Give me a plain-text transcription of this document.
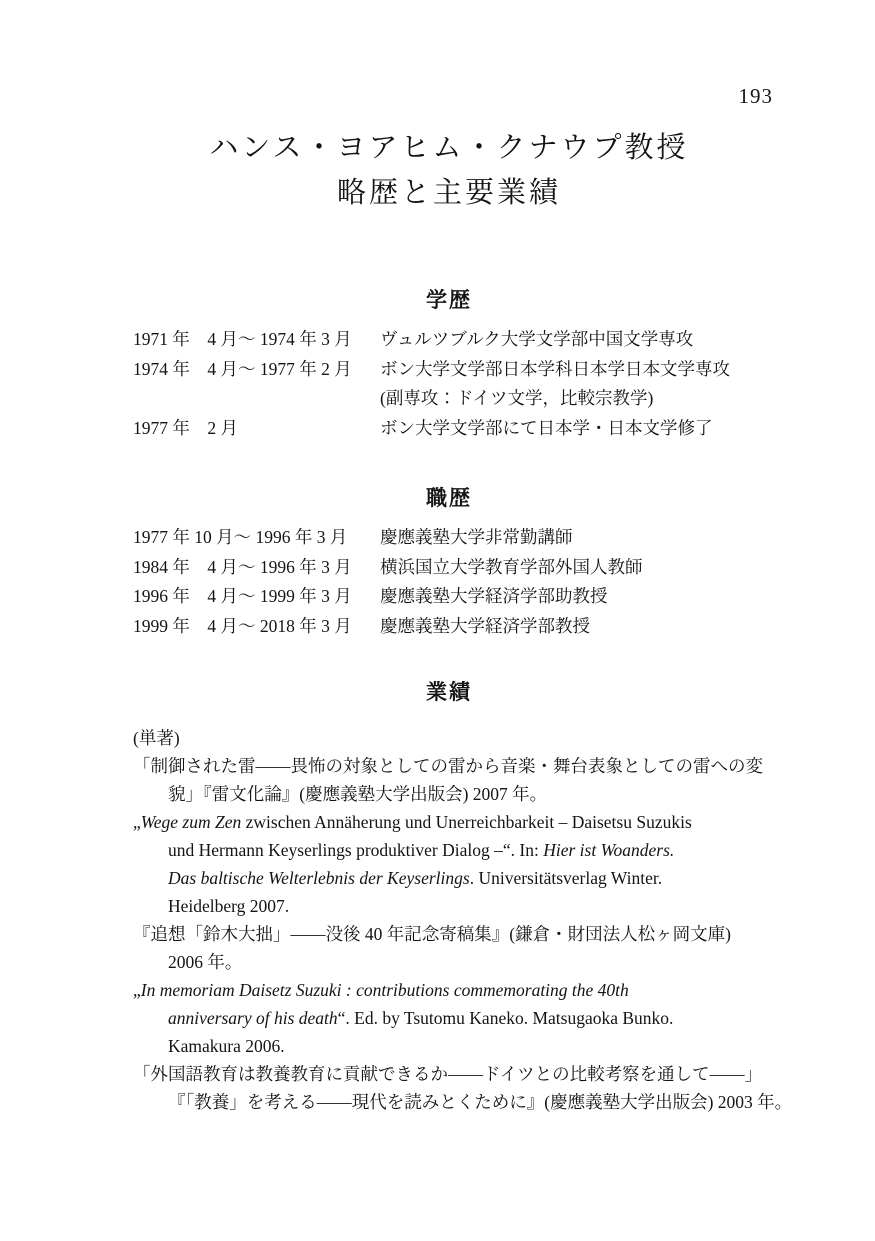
193
ハンス・ヨアヒム・クナウプ教授
略歴と主要業績
学歴
1971 年　4 月～ 1974 年 3 月	ヴュルツブルク大学文学部中国文学専攻
1974 年　4 月～ 1977 年 2 月	ボン大学文学部日本学科日本学日本文学専攻
(副専攻：ドイツ文学，比較宗教学)
1977 年　2 月	ボン大学文学部にて日本学・日本文学修了
職歴
1977 年 10 月～ 1996 年 3 月	慶應義塾大学非常勤講師
1984 年　4 月～ 1996 年 3 月	横浜国立大学教育学部外国人教師
1996 年　4 月～ 1999 年 3 月	慶應義塾大学経済学部助教授
1999 年　4 月～ 2018 年 3 月	慶應義塾大学経済学部教授
業績
(単著)
「制御された雷——畏怖の対象としての雷から音楽・舞台表象としての雷への変
貌」『雷文化論』(慶應義塾大学出版会) 2007 年。
„Wege zum Zen zwischen Annäherung und Unerreichbarkeit – Daisetsu Suzukis
und Hermann Keyserlings produktiver Dialog –“. In: Hier ist Woanders.
Das baltische Welterlebnis der Keyserlings. Universitätsverlag Winter.
Heidelberg 2007.
『追想「鈴木大拙」——没後 40 年記念寄稿集』(鎌倉・財団法人松ヶ岡文庫)
2006 年。
„In memoriam Daisetz Suzuki : contributions commemorating the 40th
anniversary of his death“. Ed. by Tsutomu Kaneko. Matsugaoka Bunko.
Kamakura 2006.
「外国語教育は教養教育に貢献できるか——ドイツとの比較考察を通して——」
『「教養」を考える——現代を読みとくために』(慶應義塾大学出版会) 2003 年。
